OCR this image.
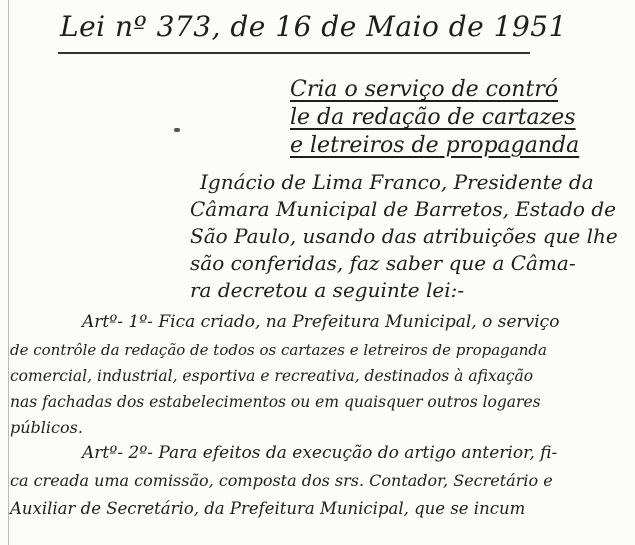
Lei nº 373, de 16 de Maio de 1951
Cria o serviço de contró
le da redação de cartazes
e letreiros de propaganda
Ignácio de Lima Franco, Presidente da
Câmara Municipal de Barretos, Estado de
São Paulo, usando das atribuições que lhe
são conferidas, faz saber que a Câma-
ra decretou a seguinte lei:-
Artº- 1º- Fica criado, na Prefeitura Municipal, o serviço
de contrôle da redação de todos os cartazes e letreiros de propaganda
comercial, industrial, esportiva e recreativa, destinados à afixação
nas fachadas dos estabelecimentos ou em quaisquer outros logares
públicos.
Artº- 2º- Para efeitos da execução do artigo anterior, fi-
ca creada uma comissão, composta dos srs. Contador, Secretário e
Auxiliar de Secretário, da Prefeitura Municipal, que se incum
